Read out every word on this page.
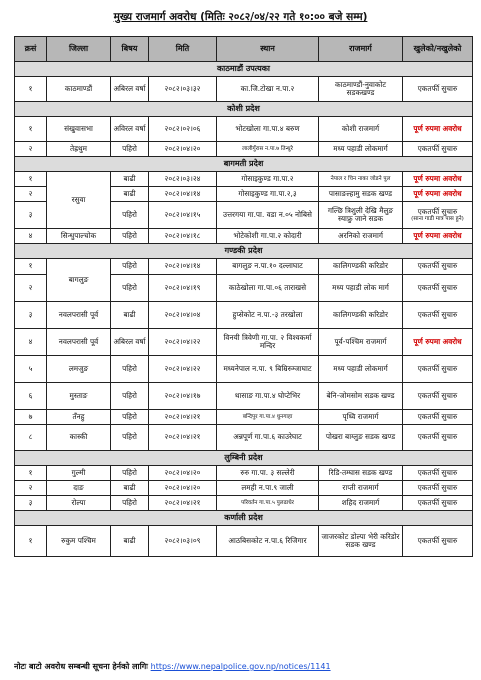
मुख्य राजमार्ग अवरोध (मितिः २०८२/०४/२२ गते १०:०० बजे सम्म)
क्रसं	जिल्ला	बिषय	मिति	स्थान	राजमार्ग	खुलेको/नखुलेको
काठमाडौं उपत्यका						
१	काठमाण्डौं	अबिरल वर्षा	२०८२।०३।३२	का.जि.टोखा न.पा.२	काठमाण्डौं-नुवाकोट सडकखण्ड	एकतर्फी सुचारु
कोशी प्रदेश						
१	संखुवासभा	अविरल वर्षा	२०८२।०२।०६	भोटखोला गा.पा.४ बरुण	कोशी राजमार्ग	पूर्ण रुपमा अवरोध
२	तेह्रथुम	पहिरो	२०८२।०४।२०	लालीगुँरास न.पा.७ तिन्धुरे	मध्य पहाडी लोकमार्ग	एकतर्फी सुचारु
बागमती प्रदेश						
१	रसुवा	बाढी	२०८२।०३।२४	गोसाइकुण्ड गा.पा.२	नेपाल र चिन नाका जोडने पुल	पूर्ण रुपमा अवरोध
२		बाढी	२०८२।०४।१४	गोसाइकुण्ड गा.पा.२,३	पासाङल्हामु सडक खण्ड	पूर्ण रुपमा अवरोध
३		पहिरो	२०८२।०४।१५	उत्तरगया गा.पा. वडा न.०५ नोबिसे	गल्छि त्रिशुली देखि मैलुङ स्याफ्रु जाने सडक	एकतर्फी सुचारु
(साना गाडी मात्र पास हुने)

४	सिन्धुपाल्चोक	पहिरो	२०८२।०४।१८	भोटेकोशी गा.पा.२ कोदारी	अरनिको राजमार्ग	पूर्ण रुपमा अवरोध
गण्डकी प्रदेश						
१	बागलुङ	पहिरो	२०८२।०४।१४	बागलुङ न.पा.१० दल्लाघाट	कालिगण्डकी करिडोर	एकतर्फी सुचारु
२		पहिरो	२०८२।०४।१९	काठेखोला गा.पा.०६ ताराखसे	मध्य पहाडी लोक मार्ग	एकतर्फी सुचारु
३	नवलपरासी पूर्व	बाढी	२०८२।०४।०४	हुप्सेकोट न.पा.-३ तरखोला	कालिगण्डकी करिडोर	एकतर्फी सुचारु
४	नवलपरासी पूर्व	अबिरल वर्षा	२०८२।०४।२२	विनयी त्रिवेणी गा.पा. २ विश्वकर्मा मन्दिर	पूर्व-पश्चिम राजमार्ग	पूर्ण रुपमा अवरोध
५	लमजुङ	पहिरो	२०८२।०४।२२	मध्यनेपाल न.पा. ९ बिम्रिरुम्जाघाट	मध्य पहाडी लोकमार्ग	एकतर्फी सुचारु
६	मुस्ताङ	पहिरो	२०८२।०४।१७	थासाङ गा.पा.४ घोप्टेभिर	बेनि-जोमसोम सडक खण्ड	एकतर्फी सुचारु
७	तँनहु	पहिरो	२०८२।०४।२१	बन्दिपुर गा.पा.४ धुनगाहा	पृथ्वि राजमार्ग	एकतर्फी सुचारु
८	कास्की	पहिरो	२०८२।०४।२१	अन्नपूर्ण गा.पा.६ काउरेघाट	पोखरा बाग्लुङ सडक खण्ड	एकतर्फी सुचारु
लुम्बिनी प्रदेश						
१	गुल्मी	पहिरो	२०८२।०४।२०	रुरु गा.पा. ३ सल्लेरी	रिडि-तम्घास सडक खण्ड	एकतर्फी सुचारु
२	दाङ	बाढी	२०८२।०४।२०	लमही न.पा.९ जाली	राप्ती राजमार्ग	एकतर्फी सुचारु
३	रोल्पा	पहिरो	२०८२।०४।२१	परिवर्तन गा.पा.५ पुलढाधेर	शहिद राजमार्ग	एकतर्फी सुचारु
कर्णाली प्रदेश						
१	रुकुम पश्चिम	बाढी	२०८२।०३।०९	आठबिसकोट न.पा.६ रिजिगार	जाजरकोट डोल्पा भेरी करिडोर सडक खण्ड	एकतर्फी सुचारु
नोटः बाटो अवरोध सम्बन्धी सूचना हेर्नको लागिः https://www.nepalpolice.gov.np/notices/1141
